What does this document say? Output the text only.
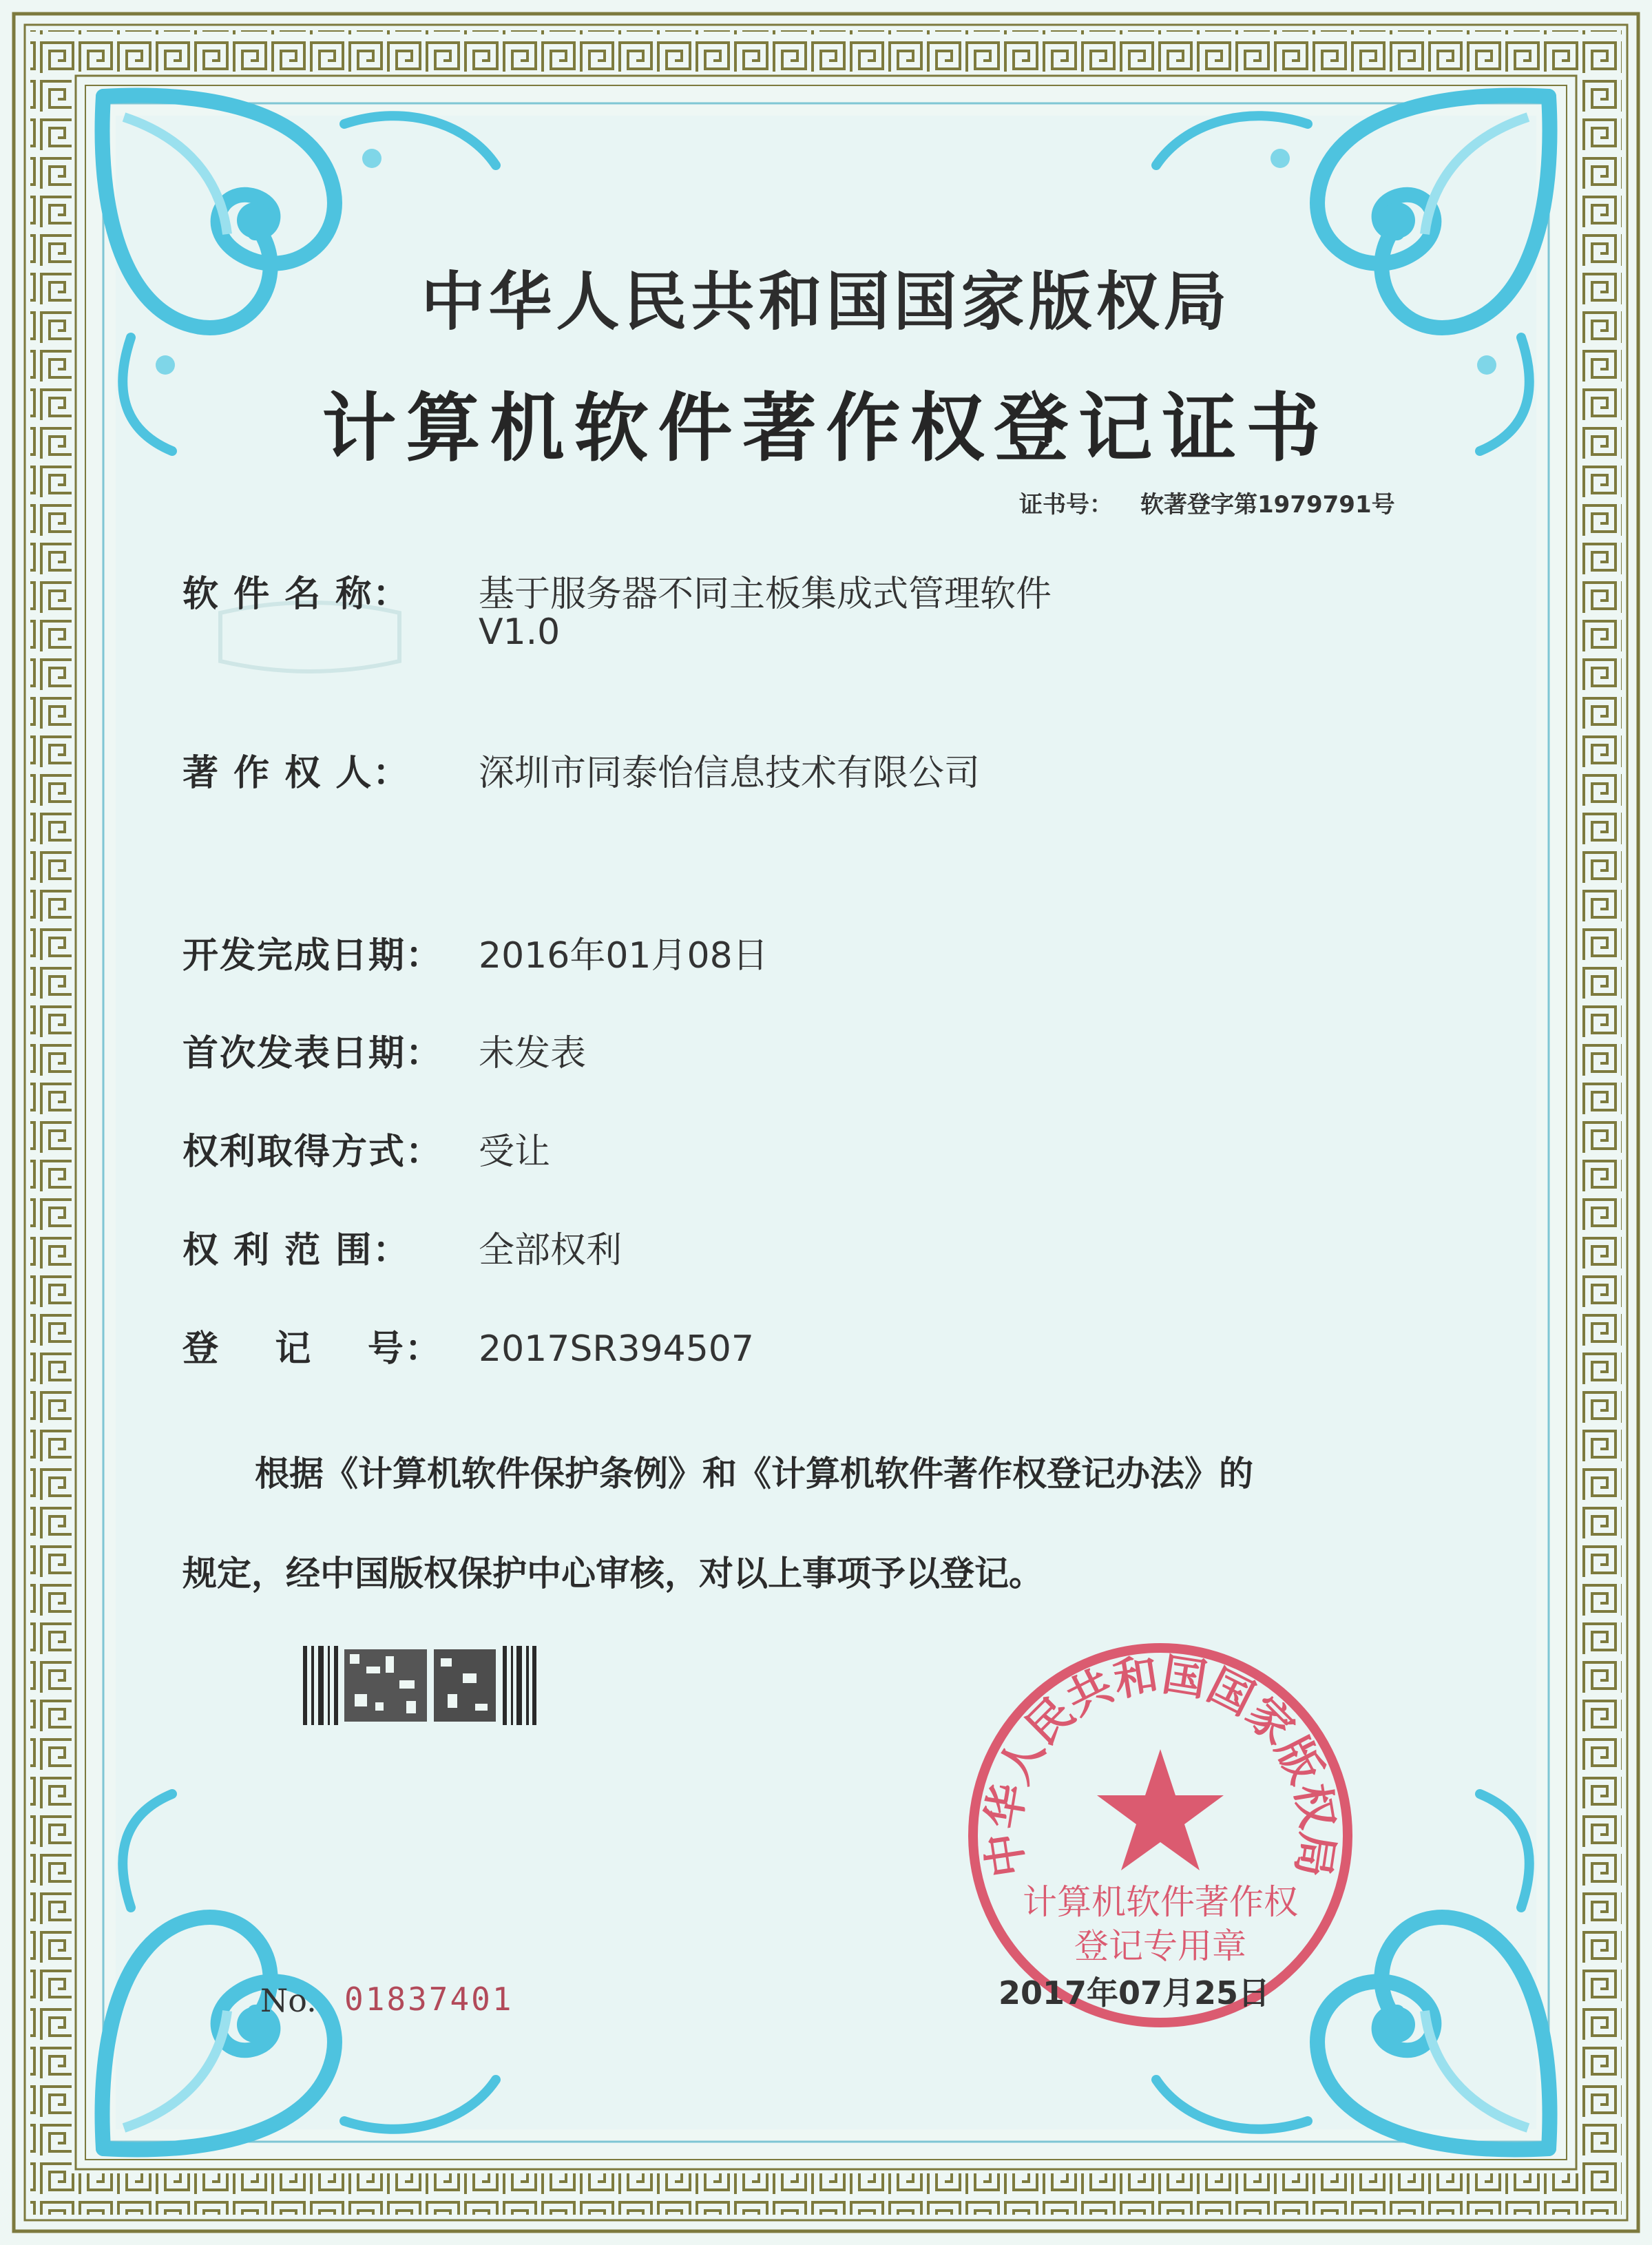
中华人民共和国国家版权局
计算机软件著作权登记证书
证书号： 软著登字第1979791号
软 件 名 称： 基于服务器不同主板集成式管理软件
V1.0
著 作 权 人： 深圳市同泰怡信息技术有限公司
开发完成日期： 2016年01月08日
首次发表日期： 未发表
权利取得方式： 受让
权 利 范 围： 全部权利
登    记    号： 2017SR394507
根据《计算机软件保护条例》和《计算机软件著作权登记办法》的
规定，经中国版权保护中心审核，对以上事项予以登记。
中华人民共和国国家版权局
计算机软件著作权
登记专用章
2017年07月25日
No. 01837401
